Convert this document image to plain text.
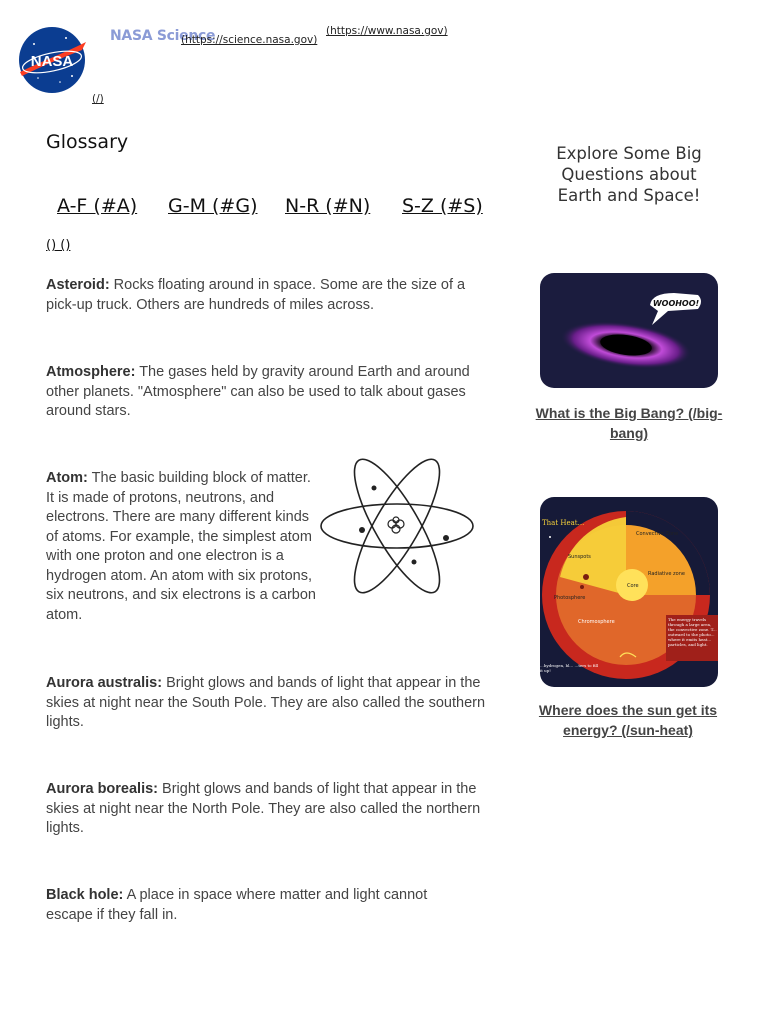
NASA
NASA Science
(https://science.nasa.gov)
(https://www.nasa.gov)
(/)
Glossary
A-F (#A) G-M (#G) N-R (#N) S-Z (#S)
() ()
Asteroid: Rocks floating around in space. Some are the size of a pick-up truck. Others are hundreds of miles across.
Atmosphere: The gases held by gravity around Earth and around other planets. "Atmosphere" can also be used to talk about gases around stars.
Atom: The basic building block of matter. It is made of protons, neutrons, and electrons. There are many different kinds of atoms. For example, the simplest atom with one proton and one electron is a hydrogen atom. An atom with six protons, six neutrons, and six electrons is a carbon atom.
Aurora australis: Bright glows and bands of light that appear in the skies at night near the South Pole. They are also called the southern lights.
Aurora borealis: Bright glows and bands of light that appear in the skies at night near the North Pole. They are also called the northern lights.
Black hole: A place in space where matter and light cannot escape if they fall in.
Explore Some Big Questions about Earth and Space!
WOOHOO!
What is the Big Bang? (/big-bang)
That Heat...
Sunspots
Convective Zone
Radiative zone
Core
Photosphere
Chromosphere	The energy travels through a large area, the convective zone. T... outward to the photo... where it emits heat... particles, and light.
...hydrogen, bl... ...ters to fill it up!
Where does the sun get its energy? (/sun-heat)
